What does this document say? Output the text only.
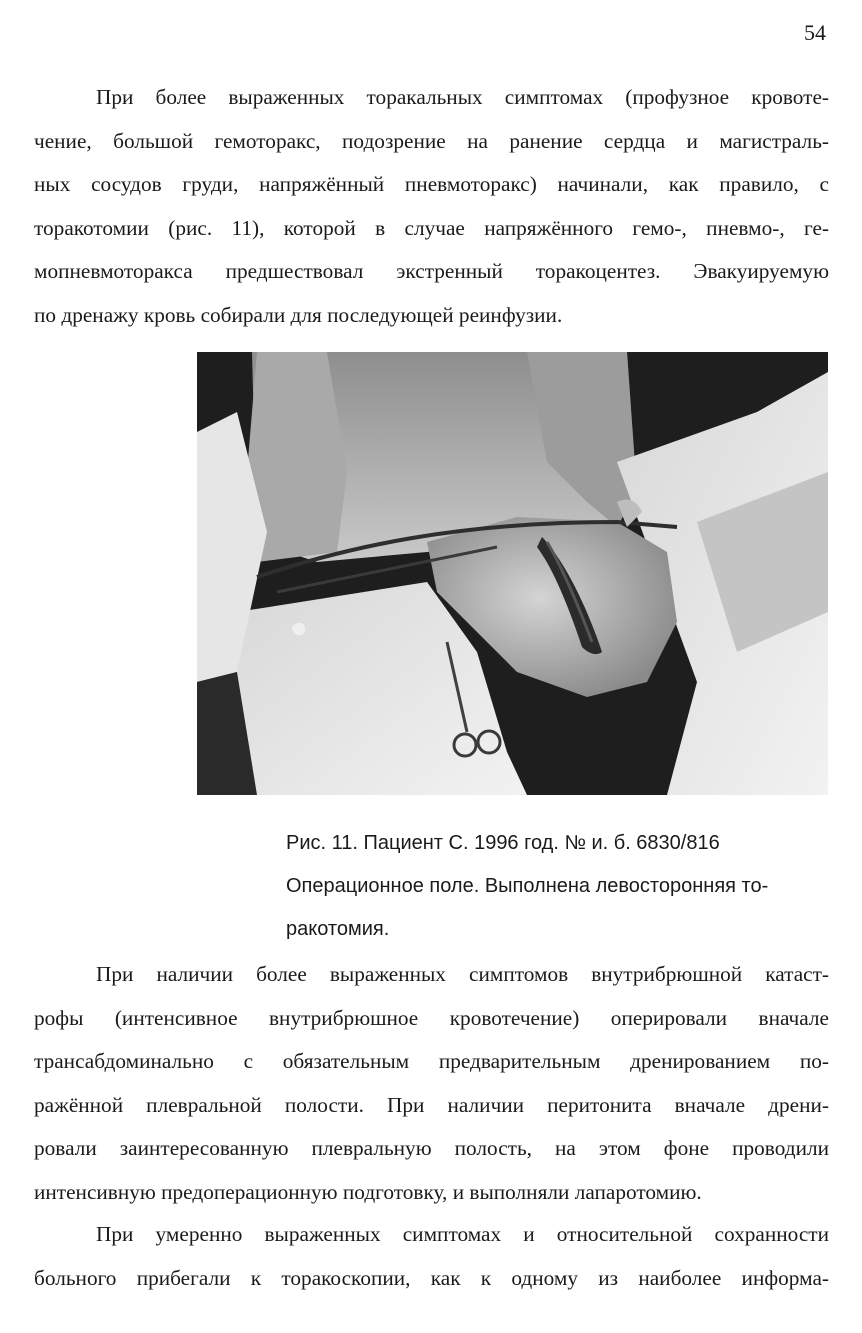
54
При более выраженных торакальных симптомах (профузное кровоте-
чение, большой гемоторакс, подозрение на ранение сердца и магистраль-
ных сосудов груди, напряжённый пневмоторакс) начинали, как правило, с
торакотомии (рис. 11), которой в случае напряжённого гемо-, пневмо-, ге-
мопневмоторакса предшествовал экстренный торакоцентез. Эвакуируемую
по дренажу кровь собирали для последующей реинфузии.
Рис. 11. Пациент С. 1996 год. № и. б. 6830/816
Операционное поле. Выполнена левосторонняя то-
ракотомия.
При наличии более выраженных симптомов внутрибрюшной катаст-
рофы (интенсивное внутрибрюшное кровотечение) оперировали вначале
трансабдоминально с обязательным предварительным дренированием по-
ражённой плевральной полости. При наличии перитонита вначале дрени-
ровали заинтересованную плевральную полость, на этом фоне проводили
интенсивную предоперационную подготовку, и выполняли лапаротомию.
При умеренно выраженных симптомах и относительной сохранности
больного прибегали к торакоскопии, как к одному из наиболее информа-
